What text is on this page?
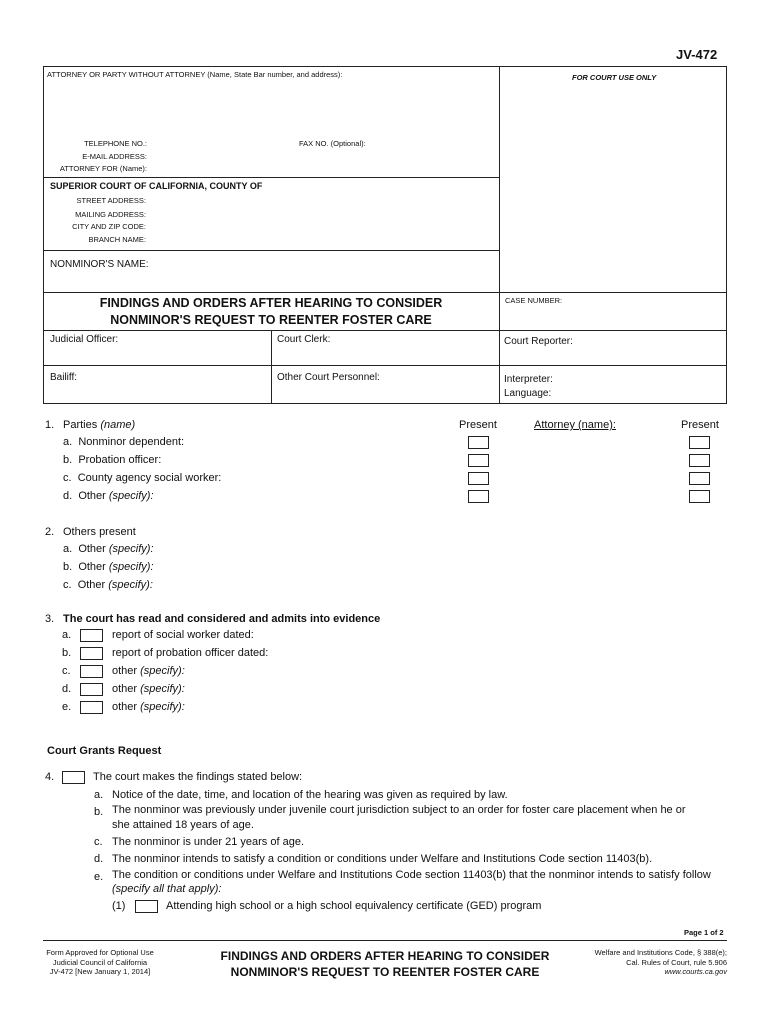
JV-472
ATTORNEY OR PARTY WITHOUT ATTORNEY (Name, State Bar number, and address):	FOR COURT USE ONLY
TELEPHONE NO.:	FAX NO. (Optional):
E-MAIL ADDRESS:
ATTORNEY FOR (Name):
SUPERIOR COURT OF CALIFORNIA, COUNTY OF
STREET ADDRESS:
MAILING ADDRESS:
CITY AND ZIP CODE:
BRANCH NAME:
NONMINOR'S NAME:
FINDINGS AND ORDERS AFTER HEARING TO CONSIDER
NONMINOR'S REQUEST TO REENTER FOSTER CARE
CASE NUMBER:
Judicial Officer:	Court Clerk:	Court Reporter:
Bailiff:	Other Court Personnel:	Interpreter:
Language:
1. Parties (name)	Present	Attorney (name):	Present
a. Nonminor dependent:
b. Probation officer:
c. County agency social worker:
d. Other (specify):
2. Others present
a. Other (specify):
b. Other (specify):
c. Other (specify):
3. The court has read and considered and admits into evidence
a.	report of social worker dated:
b.	report of probation officer dated:
c.	other (specify):
d.	other (specify):
e.	other (specify):
Court Grants Request
4.	The court makes the findings stated below:
a. Notice of the date, time, and location of the hearing was given as required by law.
b. The nonminor was previously under juvenile court jurisdiction subject to an order for foster care placement when he or
she attained 18 years of age.
c. The nonminor is under 21 years of age.
d. The nonminor intends to satisfy a condition or conditions under Welfare and Institutions Code section 11403(b).
e. The condition or conditions under Welfare and Institutions Code section 11403(b) that the nonminor intends to satisfy follow
(specify all that apply):
(1)	Attending high school or a high school equivalency certificate (GED) program
Page 1 of 2
Form Approved for Optional Use
Judicial Council of California
JV-472 [New January 1, 2014]
FINDINGS AND ORDERS AFTER HEARING TO CONSIDER
NONMINOR'S REQUEST TO REENTER FOSTER CARE
Welfare and Institutions Code, § 388(e);
Cal. Rules of Court, rule 5.906
www.courts.ca.gov
